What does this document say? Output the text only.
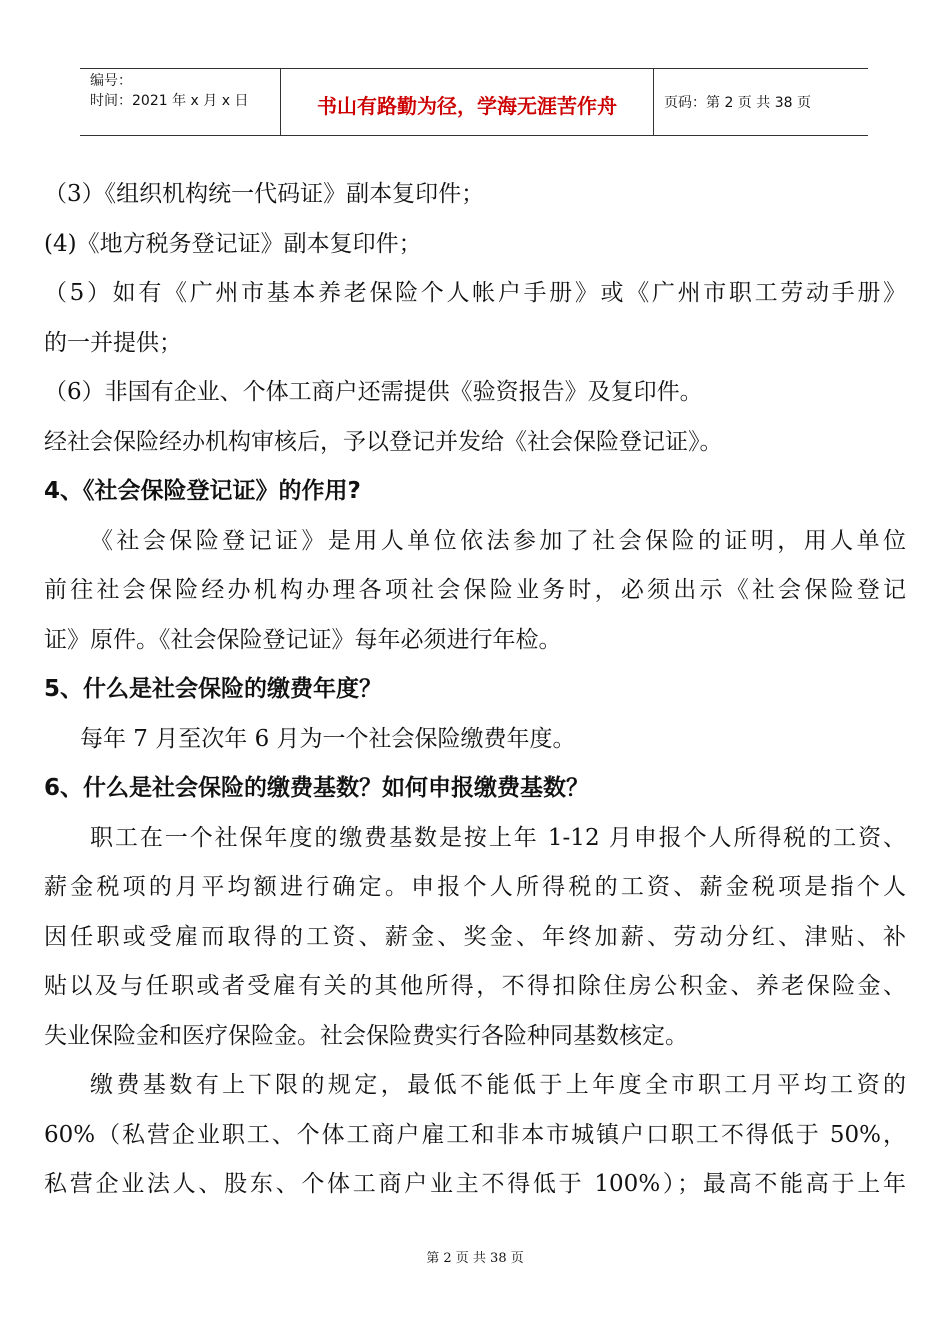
编号：
时间：2021 年 x 月 x 日	书山有路勤为径，学海无涯苦作舟	页码：第 2 页 共 38 页
（3）《组织机构统一代码证》副本复印件；
(4)《地方税务登记证》副本复印件；
（5）如有《广州市基本养老保险个人帐户手册》或《广州市职工劳动手册》
的一并提供；
（6）非国有企业、个体工商户还需提供《验资报告》及复印件。
经社会保险经办机构审核后，予以登记并发给《社会保险登记证》。
4、《社会保险登记证》的作用?
《社会保险登记证》是用人单位依法参加了社会保险的证明，用人单位
前往社会保险经办机构办理各项社会保险业务时，必须出示《社会保险登记
证》原件。《社会保险登记证》每年必须进行年检。
5、什么是社会保险的缴费年度？
每年 7 月至次年 6 月为一个社会保险缴费年度。
6、什么是社会保险的缴费基数？如何申报缴费基数？
职工在一个社保年度的缴费基数是按上年 1-12 月申报个人所得税的工资、
薪金税项的月平均额进行确定。申报个人所得税的工资、薪金税项是指个人
因任职或受雇而取得的工资、薪金、奖金、年终加薪、劳动分红、津贴、补
贴以及与任职或者受雇有关的其他所得，不得扣除住房公积金、养老保险金、
失业保险金和医疗保险金。社会保险费实行各险种同基数核定。
缴费基数有上下限的规定，最低不能低于上年度全市职工月平均工资的
60%（私营企业职工、个体工商户雇工和非本市城镇户口职工不得低于 50%，
私营企业法人、股东、个体工商户业主不得低于 100%）；最高不能高于上年
第 2 页 共 38 页
